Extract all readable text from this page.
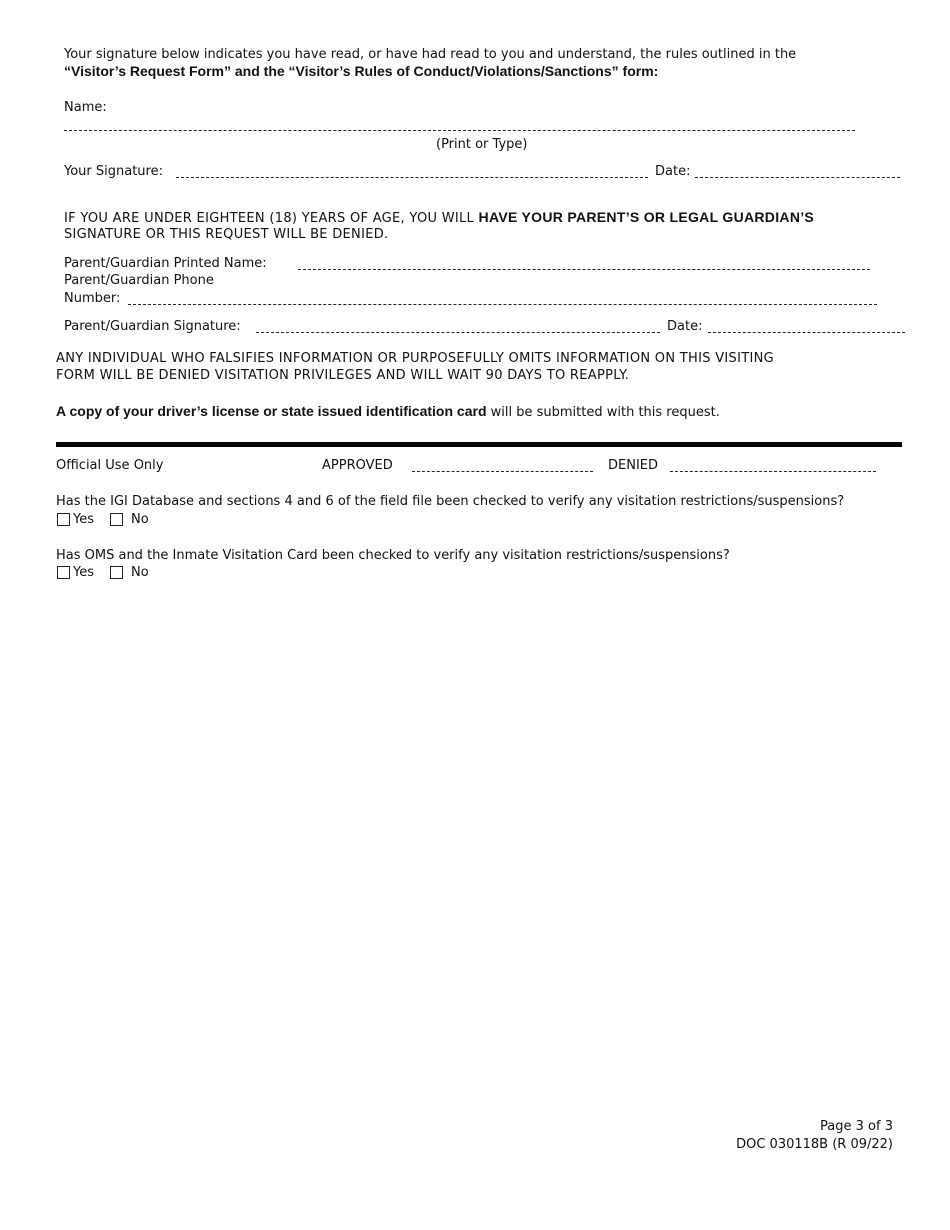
Your signature below indicates you have read, or have had read to you and understand, the rules outlined in the
“Visitor’s Request Form” and the “Visitor’s Rules of Conduct/Violations/Sanctions” form:
Name:
(Print or Type)
Your Signature:	Date:
IF YOU ARE UNDER EIGHTEEN (18) YEARS OF AGE, YOU WILL HAVE YOUR PARENT’S OR LEGAL GUARDIAN’S
SIGNATURE OR THIS REQUEST WILL BE DENIED.
Parent/Guardian Printed Name:
Parent/Guardian Phone
Number:
Parent/Guardian Signature:	Date:
ANY INDIVIDUAL WHO FALSIFIES INFORMATION OR PURPOSEFULLY OMITS INFORMATION ON THIS VISITING
FORM WILL BE DENIED VISITATION PRIVILEGES AND WILL WAIT 90 DAYS TO REAPPLY.
A copy of your driver’s license or state issued identification card will be submitted with this request.
Official Use Only	APPROVED	DENIED
Has the IGI Database and sections 4 and 6 of the field file been checked to verify any visitation restrictions/suspensions?
Yes	No
Has OMS and the Inmate Visitation Card been checked to verify any visitation restrictions/suspensions?
Yes	No
Page 3 of 3
DOC 030118B (R 09/22)
